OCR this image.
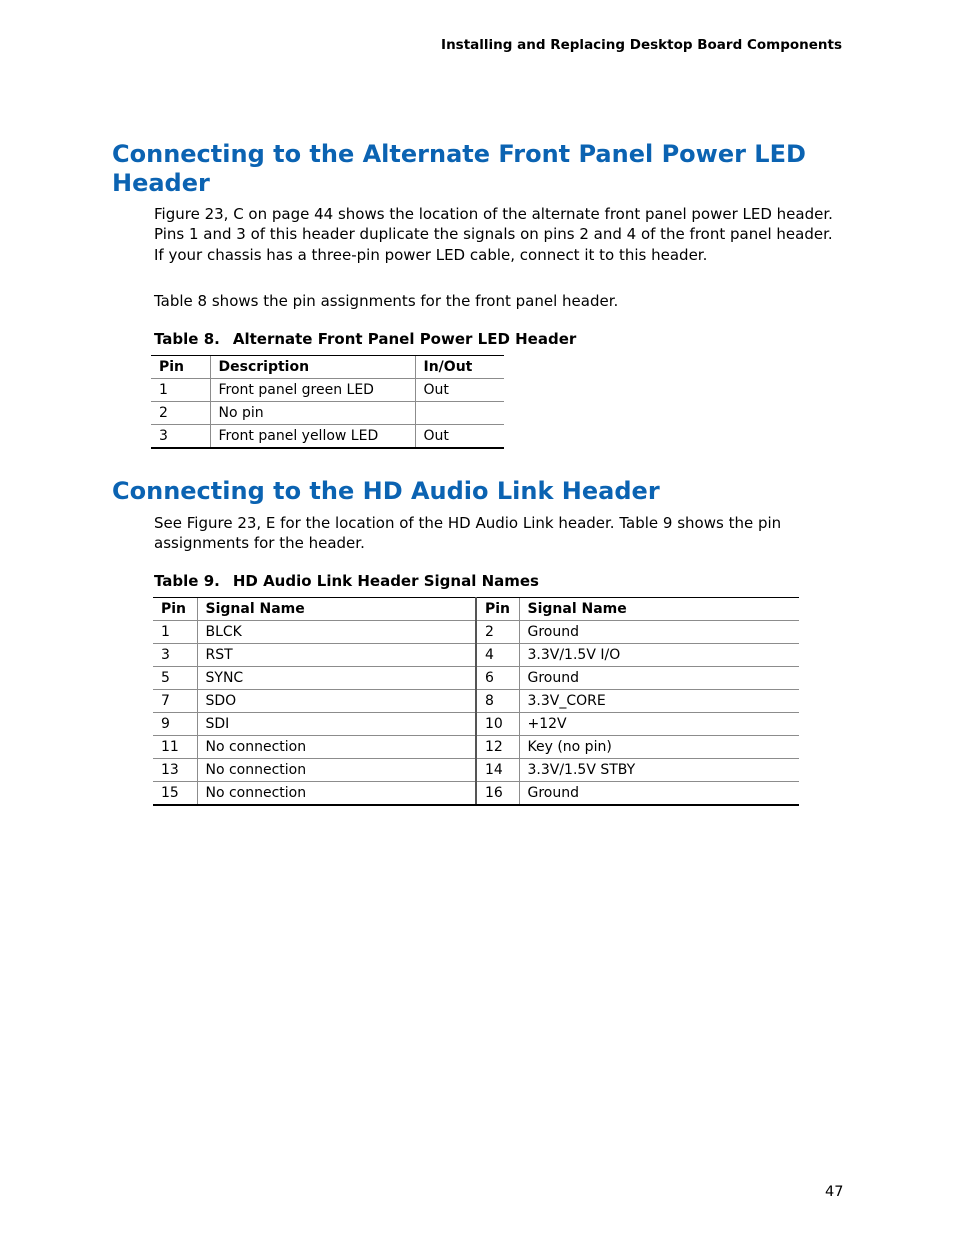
Installing and Replacing Desktop Board Components
Connecting to the Alternate Front Panel Power LED Header

Figure 23, C on page 44 shows the location of the alternate front panel power LED header. Pins 1 and 3 of this header duplicate the signals on pins 2 and 4 of the front panel header. If your chassis has a three-pin power LED cable, connect it to this header.

Table 8 shows the pin assignments for the front panel header.

Table 8. Alternate Front Panel Power LED Header
Pin	Description	In/Out
1	Front panel green LED	Out
2	No pin	
3	Front panel yellow LED	Out
Connecting to the HD Audio Link Header

See Figure 23, E for the location of the HD Audio Link header. Table 9 shows the pin assignments for the header.

Table 9. HD Audio Link Header Signal Names
Pin	Signal Name	Pin	Signal Name
1	BLCK	2	Ground
3	RST	4	3.3V/1.5V I/O
5	SYNC	6	Ground
7	SDO	8	3.3V_CORE
9	SDI	10	+12V
11	No connection	12	Key (no pin)
13	No connection	14	3.3V/1.5V STBY
15	No connection	16	Ground
47
